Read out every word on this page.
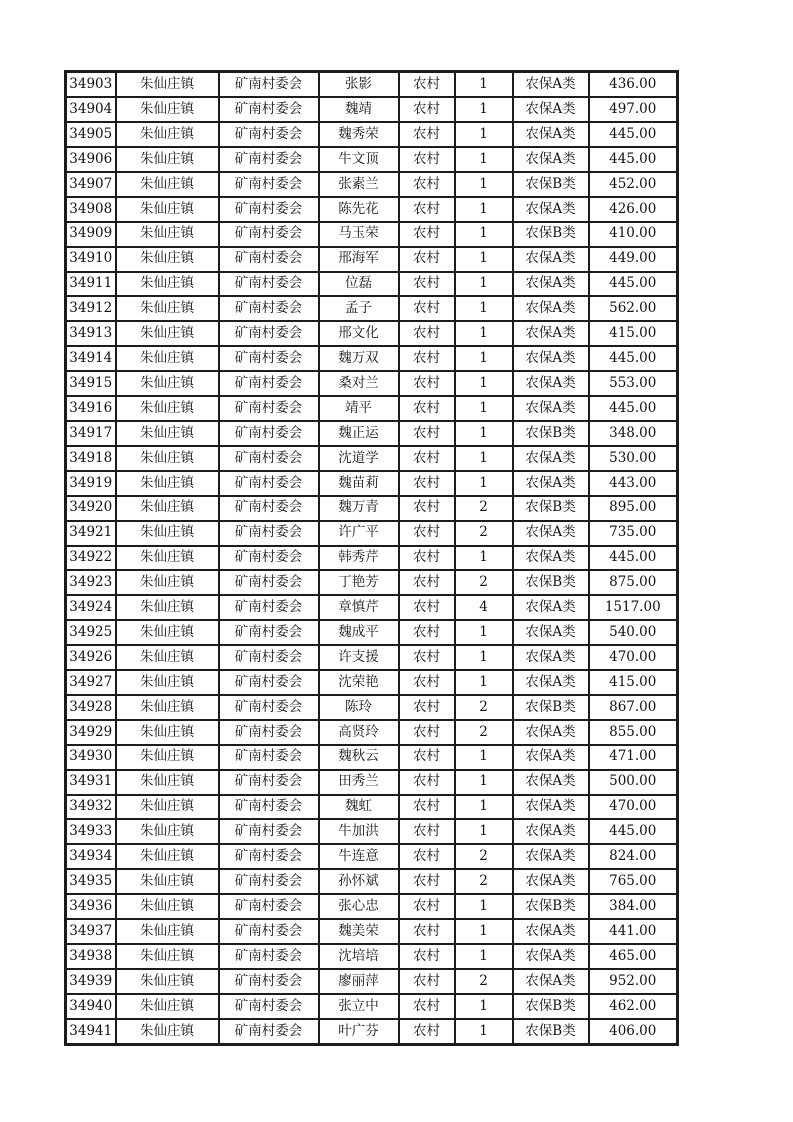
34903	朱仙庄镇	矿南村委会	张影	农村	1	农保A类	436.00
34904	朱仙庄镇	矿南村委会	魏靖	农村	1	农保A类	497.00
34905	朱仙庄镇	矿南村委会	魏秀荣	农村	1	农保A类	445.00
34906	朱仙庄镇	矿南村委会	牛文顶	农村	1	农保A类	445.00
34907	朱仙庄镇	矿南村委会	张素兰	农村	1	农保B类	452.00
34908	朱仙庄镇	矿南村委会	陈先花	农村	1	农保A类	426.00
34909	朱仙庄镇	矿南村委会	马玉荣	农村	1	农保B类	410.00
34910	朱仙庄镇	矿南村委会	邢海军	农村	1	农保A类	449.00
34911	朱仙庄镇	矿南村委会	位磊	农村	1	农保A类	445.00
34912	朱仙庄镇	矿南村委会	孟子	农村	1	农保A类	562.00
34913	朱仙庄镇	矿南村委会	邢文化	农村	1	农保A类	415.00
34914	朱仙庄镇	矿南村委会	魏万双	农村	1	农保A类	445.00
34915	朱仙庄镇	矿南村委会	桑对兰	农村	1	农保A类	553.00
34916	朱仙庄镇	矿南村委会	靖平	农村	1	农保A类	445.00
34917	朱仙庄镇	矿南村委会	魏正运	农村	1	农保B类	348.00
34918	朱仙庄镇	矿南村委会	沈道学	农村	1	农保A类	530.00
34919	朱仙庄镇	矿南村委会	魏苗莉	农村	1	农保A类	443.00
34920	朱仙庄镇	矿南村委会	魏万青	农村	2	农保B类	895.00
34921	朱仙庄镇	矿南村委会	许广平	农村	2	农保A类	735.00
34922	朱仙庄镇	矿南村委会	韩秀芹	农村	1	农保A类	445.00
34923	朱仙庄镇	矿南村委会	丁艳芳	农村	2	农保B类	875.00
34924	朱仙庄镇	矿南村委会	章慎芹	农村	4	农保A类	1517.00
34925	朱仙庄镇	矿南村委会	魏成平	农村	1	农保A类	540.00
34926	朱仙庄镇	矿南村委会	许支援	农村	1	农保A类	470.00
34927	朱仙庄镇	矿南村委会	沈荣艳	农村	1	农保A类	415.00
34928	朱仙庄镇	矿南村委会	陈玲	农村	2	农保B类	867.00
34929	朱仙庄镇	矿南村委会	高贤玲	农村	2	农保A类	855.00
34930	朱仙庄镇	矿南村委会	魏秋云	农村	1	农保A类	471.00
34931	朱仙庄镇	矿南村委会	田秀兰	农村	1	农保A类	500.00
34932	朱仙庄镇	矿南村委会	魏虹	农村	1	农保A类	470.00
34933	朱仙庄镇	矿南村委会	牛加洪	农村	1	农保A类	445.00
34934	朱仙庄镇	矿南村委会	牛连意	农村	2	农保A类	824.00
34935	朱仙庄镇	矿南村委会	孙怀斌	农村	2	农保A类	765.00
34936	朱仙庄镇	矿南村委会	张心忠	农村	1	农保B类	384.00
34937	朱仙庄镇	矿南村委会	魏美荣	农村	1	农保A类	441.00
34938	朱仙庄镇	矿南村委会	沈培培	农村	1	农保A类	465.00
34939	朱仙庄镇	矿南村委会	廖丽萍	农村	2	农保A类	952.00
34940	朱仙庄镇	矿南村委会	张立中	农村	1	农保B类	462.00
34941	朱仙庄镇	矿南村委会	叶广芬	农村	1	农保B类	406.00
